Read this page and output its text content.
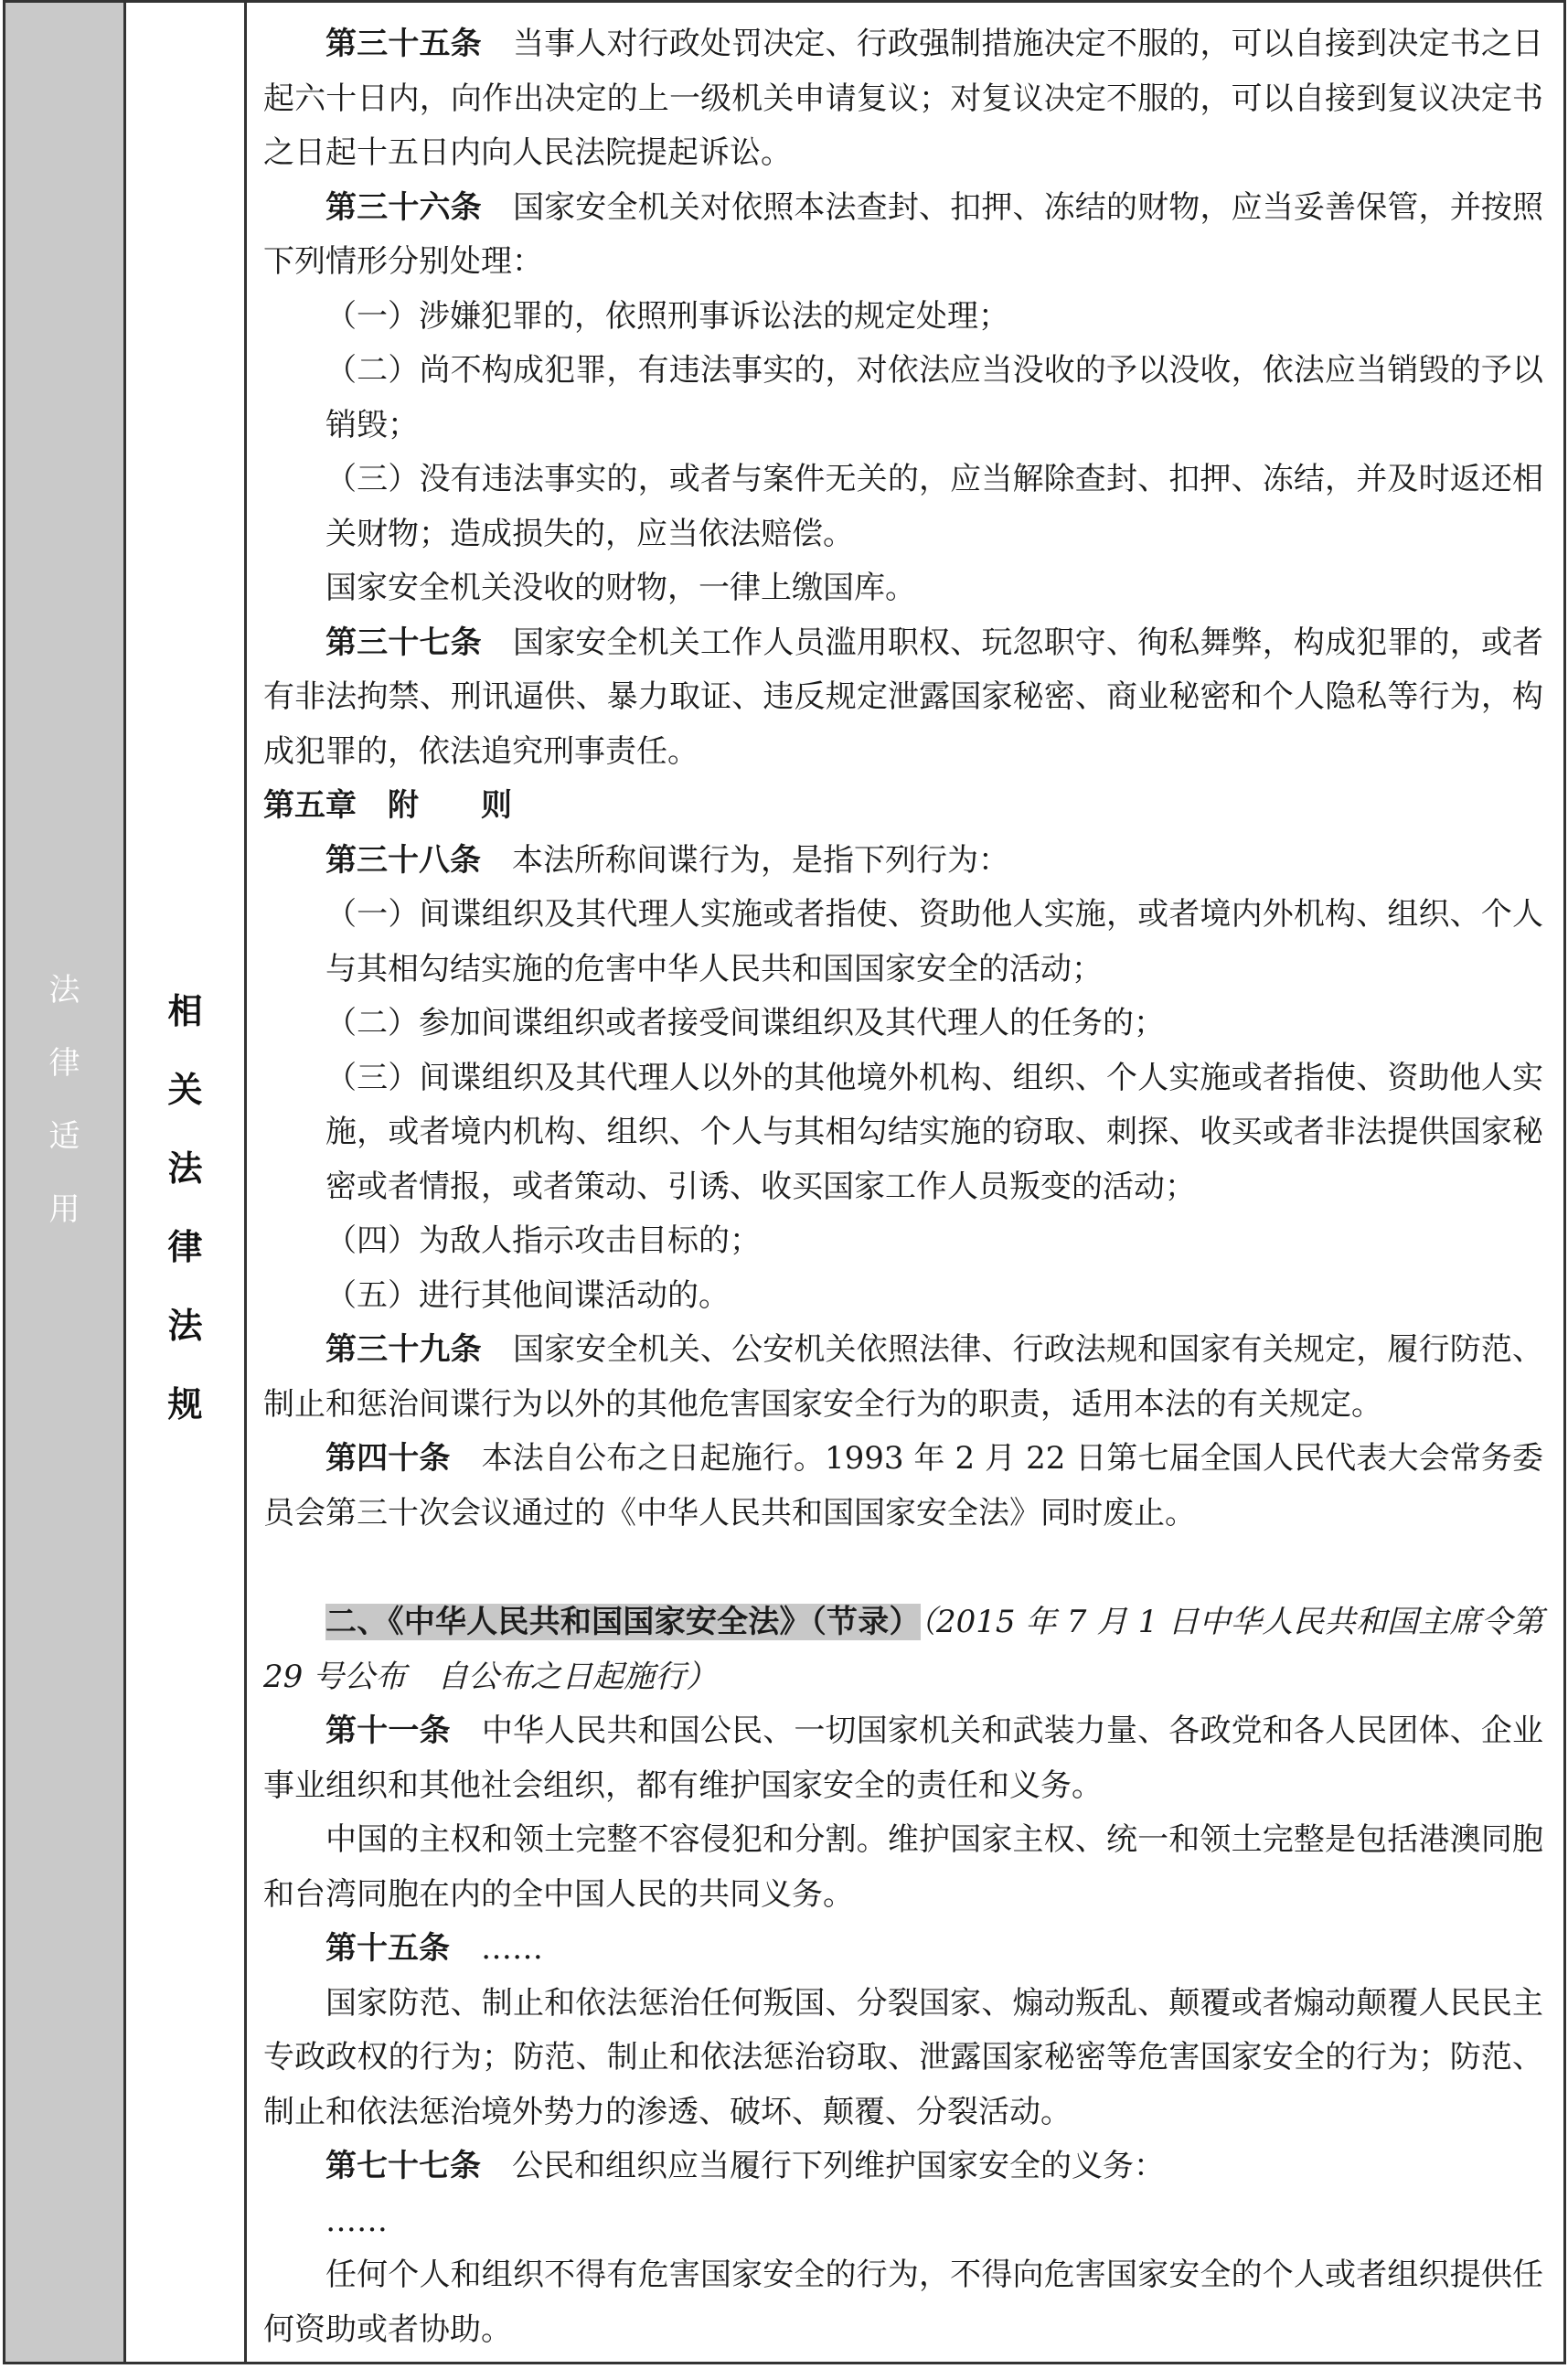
法
律
适
用
相
关
法
律
法
规

第三十五条　 当事人对行政处罚决定、行政强制措施决定不服的，可以自接到决定书之日起六十日内，向作出决定的上一级机关申请复议；对复议决定不服的，可以自接到复议决定书之日起十五日内向人民法院提起诉讼。

第三十六条　 国家安全机关对依照本法查封、扣押、冻结的财物，应当妥善保管，并按照下列情形分别处理：

（一）涉嫌犯罪的，依照刑事诉讼法的规定处理；

（二）尚不构成犯罪，有违法事实的，对依法应当没收的予以没收，依法应当销毁的予以销毁；

（三）没有违法事实的，或者与案件无关的，应当解除查封、扣押、冻结，并及时返还相关财物；造成损失的，应当依法赔偿。

国家安全机关没收的财物，一律上缴国库。

第三十七条　 国家安全机关工作人员滥用职权、玩忽职守、徇私舞弊，构成犯罪的，或者有非法拘禁、刑讯逼供、暴力取证、违反规定泄露国家秘密、商业秘密和个人隐私等行为，构成犯罪的，依法追究刑事责任。

第五章　附　　则

第三十八条　 本法所称间谍行为，是指下列行为：

（一）间谍组织及其代理人实施或者指使、资助他人实施，或者境内外机构、组织、个人与其相勾结实施的危害中华人民共和国国家安全的活动；

（二）参加间谍组织或者接受间谍组织及其代理人的任务的；

（三）间谍组织及其代理人以外的其他境外机构、组织、个人实施或者指使、资助他人实施，或者境内机构、组织、个人与其相勾结实施的窃取、刺探、收买或者非法提供国家秘密或者情报，或者策动、引诱、收买国家工作人员叛变的活动；

（四）为敌人指示攻击目标的；

（五）进行其他间谍活动的。

第三十九条　 国家安全机关、公安机关依照法律、行政法规和国家有关规定，履行防范、制止和惩治间谍行为以外的其他危害国家安全行为的职责，适用本法的有关规定。

第四十条　 本法自公布之日起施行。1993 年 2 月 22 日第七届全国人民代表大会常务委员会第三十次会议通过的《中华人民共和国国家安全法》同时废止。

二、《中华人民共和国国家安全法》（节录）（2015 年 7 月 1 日中华人民共和国主席令第 29 号公布　自公布之日起施行）

第十一条　 中华人民共和国公民、一切国家机关和武装力量、各政党和各人民团体、企业事业组织和其他社会组织，都有维护国家安全的责任和义务。

中国的主权和领土完整不容侵犯和分割。维护国家主权、统一和领土完整是包括港澳同胞和台湾同胞在内的全中国人民的共同义务。

第十五条　 ……

国家防范、制止和依法惩治任何叛国、分裂国家、煽动叛乱、颠覆或者煽动颠覆人民民主专政政权的行为；防范、制止和依法惩治窃取、泄露国家秘密等危害国家安全的行为；防范、制止和依法惩治境外势力的渗透、破坏、颠覆、分裂活动。

第七十七条　 公民和组织应当履行下列维护国家安全的义务：

……

任何个人和组织不得有危害国家安全的行为，不得向危害国家安全的个人或者组织提供任何资助或者协助。
